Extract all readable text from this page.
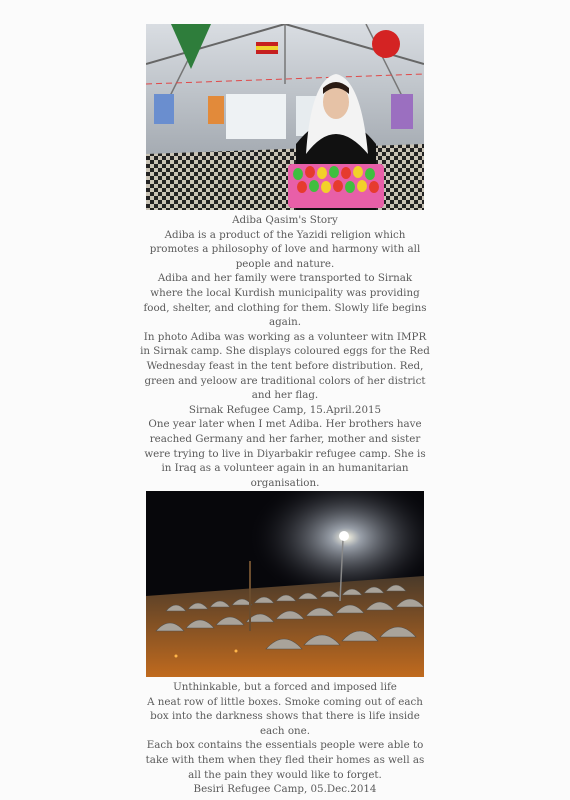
Adiba Qasim's Story

Adiba is a product of the Yazidi religion which promotes a philosophy of love and harmony with all people and nature.

Adiba and her family were transported to Sirnak where the local Kurdish municipality was providing food, shelter, and clothing for them. Slowly life begins again.

In photo Adiba was working as a volunteer witn IMPR in Sirnak camp. She displays coloured eggs for the Red Wednesday feast in the tent before distribution. Red, green and yeloow are traditional colors of her district and her flag.

Sirnak Refugee Camp, 15.April.2015

One year later when I met Adiba. Her brothers have reached Germany and her farher, mother and sister were trying to live in Diyarbakir refugee camp. She is in Iraq as a volunteer again in an humanitarian organisation.

Unthinkable, but a forced and imposed life

A neat row of little boxes. Smoke coming out of each box into the darkness shows that there is life inside each one.

Each box contains the essentials people were able to take with them when they fled their homes as well as all the pain they would like to forget.

Besiri Refugee Camp, 05.Dec.2014
